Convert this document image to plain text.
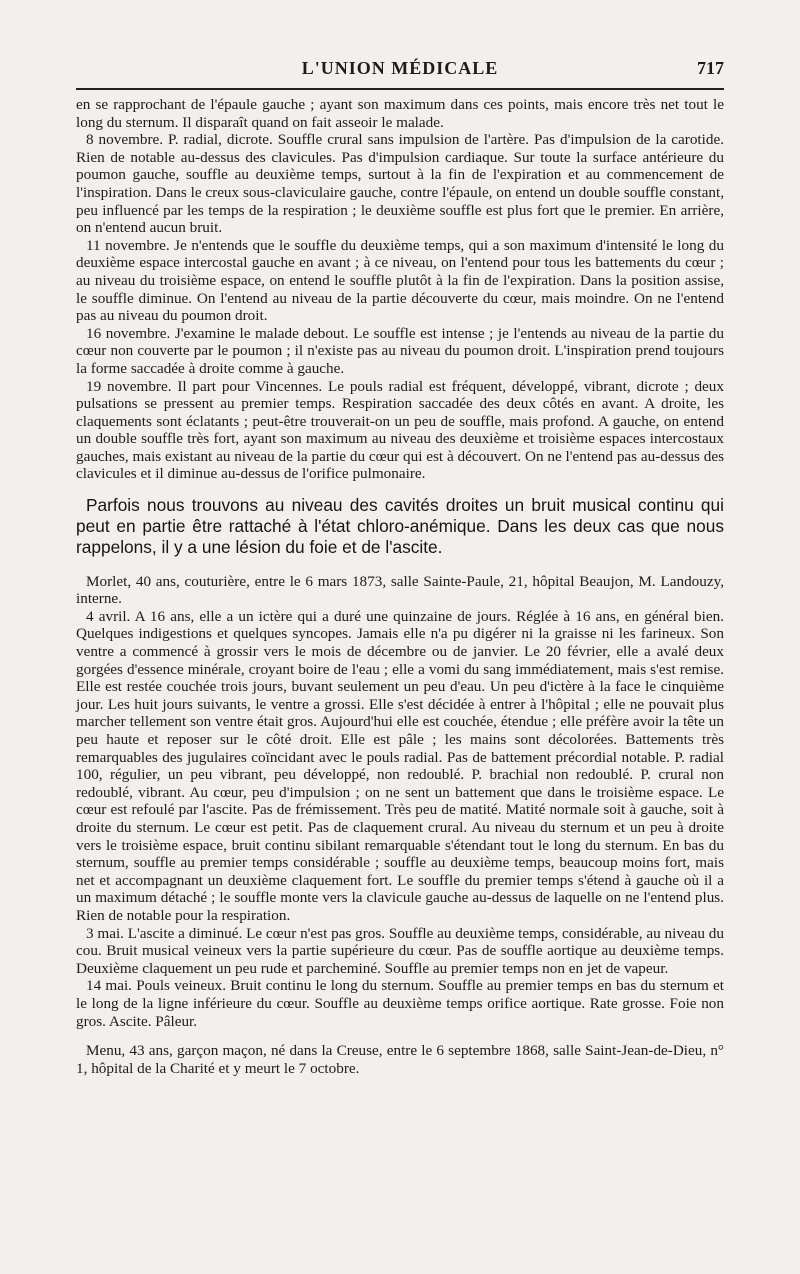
L'UNION MÉDICALE	717

en se rapprochant de l'épaule gauche ; ayant son maximum dans ces points, mais encore très net tout le long du sternum. Il disparaît quand on fait asseoir le malade.

8 novembre. P. radial, dicrote. Souffle crural sans impulsion de l'artère. Pas d'impulsion de la carotide. Rien de notable au-dessus des clavicules. Pas d'impulsion cardiaque. Sur toute la surface antérieure du poumon gauche, souffle au deuxième temps, surtout à la fin de l'expiration et au commencement de l'inspiration. Dans le creux sous-claviculaire gauche, contre l'épaule, on entend un double souffle constant, peu influencé par les temps de la respiration ; le deuxième souffle est plus fort que le premier. En arrière, on n'entend aucun bruit.

11 novembre. Je n'entends que le souffle du deuxième temps, qui a son maximum d'intensité le long du deuxième espace intercostal gauche en avant ; à ce niveau, on l'entend pour tous les battements du cœur ; au niveau du troisième espace, on entend le souffle plutôt à la fin de l'expiration. Dans la position assise, le souffle diminue. On l'entend au niveau de la partie découverte du cœur, mais moindre. On ne l'entend pas au niveau du poumon droit.

16 novembre. J'examine le malade debout. Le souffle est intense ; je l'entends au niveau de la partie du cœur non couverte par le poumon ; il n'existe pas au niveau du poumon droit. L'inspiration prend toujours la forme saccadée à droite comme à gauche.

19 novembre. Il part pour Vincennes. Le pouls radial est fréquent, développé, vibrant, dicrote ; deux pulsations se pressent au premier temps. Respiration saccadée des deux côtés en avant. A droite, les claquements sont éclatants ; peut-être trouverait-on un peu de souffle, mais profond. A gauche, on entend un double souffle très fort, ayant son maximum au niveau des deuxième et troisième espaces intercostaux gauches, mais existant au niveau de la partie du cœur qui est à découvert. On ne l'entend pas au-dessus des clavicules et il diminue au-dessus de l'orifice pulmonaire.

Parfois nous trouvons au niveau des cavités droites un bruit musical continu qui peut en partie être rattaché à l'état chloro-anémique. Dans les deux cas que nous rappelons, il y a une lésion du foie et de l'ascite.

Morlet, 40 ans, couturière, entre le 6 mars 1873, salle Sainte-Paule, 21, hôpital Beaujon, M. Landouzy, interne.

4 avril. A 16 ans, elle a un ictère qui a duré une quinzaine de jours. Réglée à 16 ans, en général bien. Quelques indigestions et quelques syncopes. Jamais elle n'a pu digérer ni la graisse ni les farineux. Son ventre a commencé à grossir vers le mois de décembre ou de janvier. Le 20 février, elle a avalé deux gorgées d'essence minérale, croyant boire de l'eau ; elle a vomi du sang immédiatement, mais s'est remise. Elle est restée couchée trois jours, buvant seulement un peu d'eau. Un peu d'ictère à la face le cinquième jour. Les huit jours suivants, le ventre a grossi. Elle s'est décidée à entrer à l'hôpital ; elle ne pouvait plus marcher tellement son ventre était gros. Aujourd'hui elle est couchée, étendue ; elle préfère avoir la tête un peu haute et reposer sur le côté droit. Elle est pâle ; les mains sont décolorées. Battements très remarquables des jugulaires coïncidant avec le pouls radial. Pas de battement précordial notable. P. radial 100, régulier, un peu vibrant, peu développé, non redoublé. P. brachial non redoublé. P. crural non redoublé, vibrant. Au cœur, peu d'impulsion ; on ne sent un battement que dans le troisième espace. Le cœur est refoulé par l'ascite. Pas de frémissement. Très peu de matité. Matité normale soit à gauche, soit à droite du sternum. Le cœur est petit. Pas de claquement crural. Au niveau du sternum et un peu à droite vers le troisième espace, bruit continu sibilant remarquable s'étendant tout le long du sternum. En bas du sternum, souffle au premier temps considérable ; souffle au deuxième temps, beaucoup moins fort, mais net et accompagnant un deuxième claquement fort. Le souffle du premier temps s'étend à gauche où il a un maximum détaché ; le souffle monte vers la clavicule gauche au-dessus de laquelle on ne l'entend plus. Rien de notable pour la respiration.

3 mai. L'ascite a diminué. Le cœur n'est pas gros. Souffle au deuxième temps, considérable, au niveau du cou. Bruit musical veineux vers la partie supérieure du cœur. Pas de souffle aortique au deuxième temps. Deuxième claquement un peu rude et parcheminé. Souffle au premier temps non en jet de vapeur.

14 mai. Pouls veineux. Bruit continu le long du sternum. Souffle au premier temps en bas du sternum et le long de la ligne inférieure du cœur. Souffle au deuxième temps orifice aortique. Rate grosse. Foie non gros. Ascite. Pâleur.

Menu, 43 ans, garçon maçon, né dans la Creuse, entre le 6 septembre 1868, salle Saint-Jean-de-Dieu, n° 1, hôpital de la Charité et y meurt le 7 octobre.
